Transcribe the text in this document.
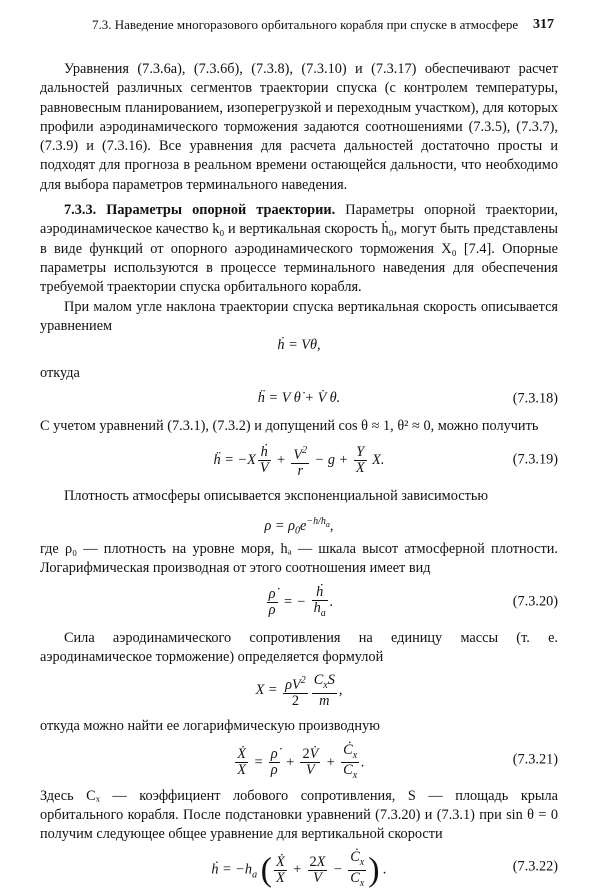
7.3. Наведение многоразового орбитального корабля при спуске в атмосфере 317

Уравнения (7.3.6а), (7.3.6б), (7.3.8), (7.3.10) и (7.3.17) обеспечивают расчет дальностей различных сегментов траектории спуска (с контролем температуры, равновесным планированием, изоперегрузкой и переходным участком), для которых профили аэродинамического торможения задаются соотношениями (7.3.5), (7.3.7), (7.3.9) и (7.3.16). Все уравнения для расчета дальностей достаточно просты и подходят для прогноза в реальном времени остающейся дальности, что необходимо для выбора параметров терминального наведения.

7.3.3. Параметры опорной траектории. Параметры опорной траектории, аэродинамическое качество k₀ и вертикальная скорость ḣ₀, могут быть представлены в виде функций от опорного аэродинамического торможения X₀ [7.4]. Опорные параметры используются в процессе терминального наведения для обеспечения требуемой траектории спуска орбитального корабля.

При малом угле наклона траектории спуска вертикальная скорость описывается уравнением

ḣ = Vθ,

откуда

ḧ = V θ̇ + V̇ θ.	(7.3.18)

С учетом уравнений (7.3.1), (7.3.2) и допущений cos θ ≈ 1, θ² ≈ 0, можно получить

ḧ = $-X \frac{\text{ḣ}}{V} + \frac{V^2}{r} - g + \frac{Y}{X} X$.	(7.3.19)

Плотность атмосферы описывается экспоненциальной зависимостью

$\rho = \rho_0e^{-h/h_a}$,

где ρ₀ — плотность на уровне моря, hₐ — шкала высот атмосферной плотности. Логарифмическая производная от этого соотношения имеет вид

$\frac{\rhȯ}{\rho}$ = − $\frac{\text{ḣ}}{h_a}$ .	(7.3.20)

Сила аэродинамического сопротивления на единицу массы (т. е. аэродинамическое торможение) определяется формулой

$X = \frac{\rho V^2}{2} \frac{C_xS}{m}$ ,

откуда можно найти ее логарифмическую производную

$\frac{\text{Ẋ}}{X} = \frac{\rhȯ}{\rho} + \frac{2V̇}{V} + \frac{Ċ_x}{C_x}$ .	(7.3.21)

Здесь Cₓ — коэффициент лобового сопротивления, S — площадь крыла орбитального корабля. После подстановки уравнений (7.3.20) и (7.3.1) при sin θ = 0 получим следующее общее уравнение для вертикальной скорости

ḣ = $-h_a$ ( $\frac{\text{Ẋ}}{X} + \frac{2X}{V} - \frac{Ċ_x}{C_x}$ ) .	(7.3.22)
